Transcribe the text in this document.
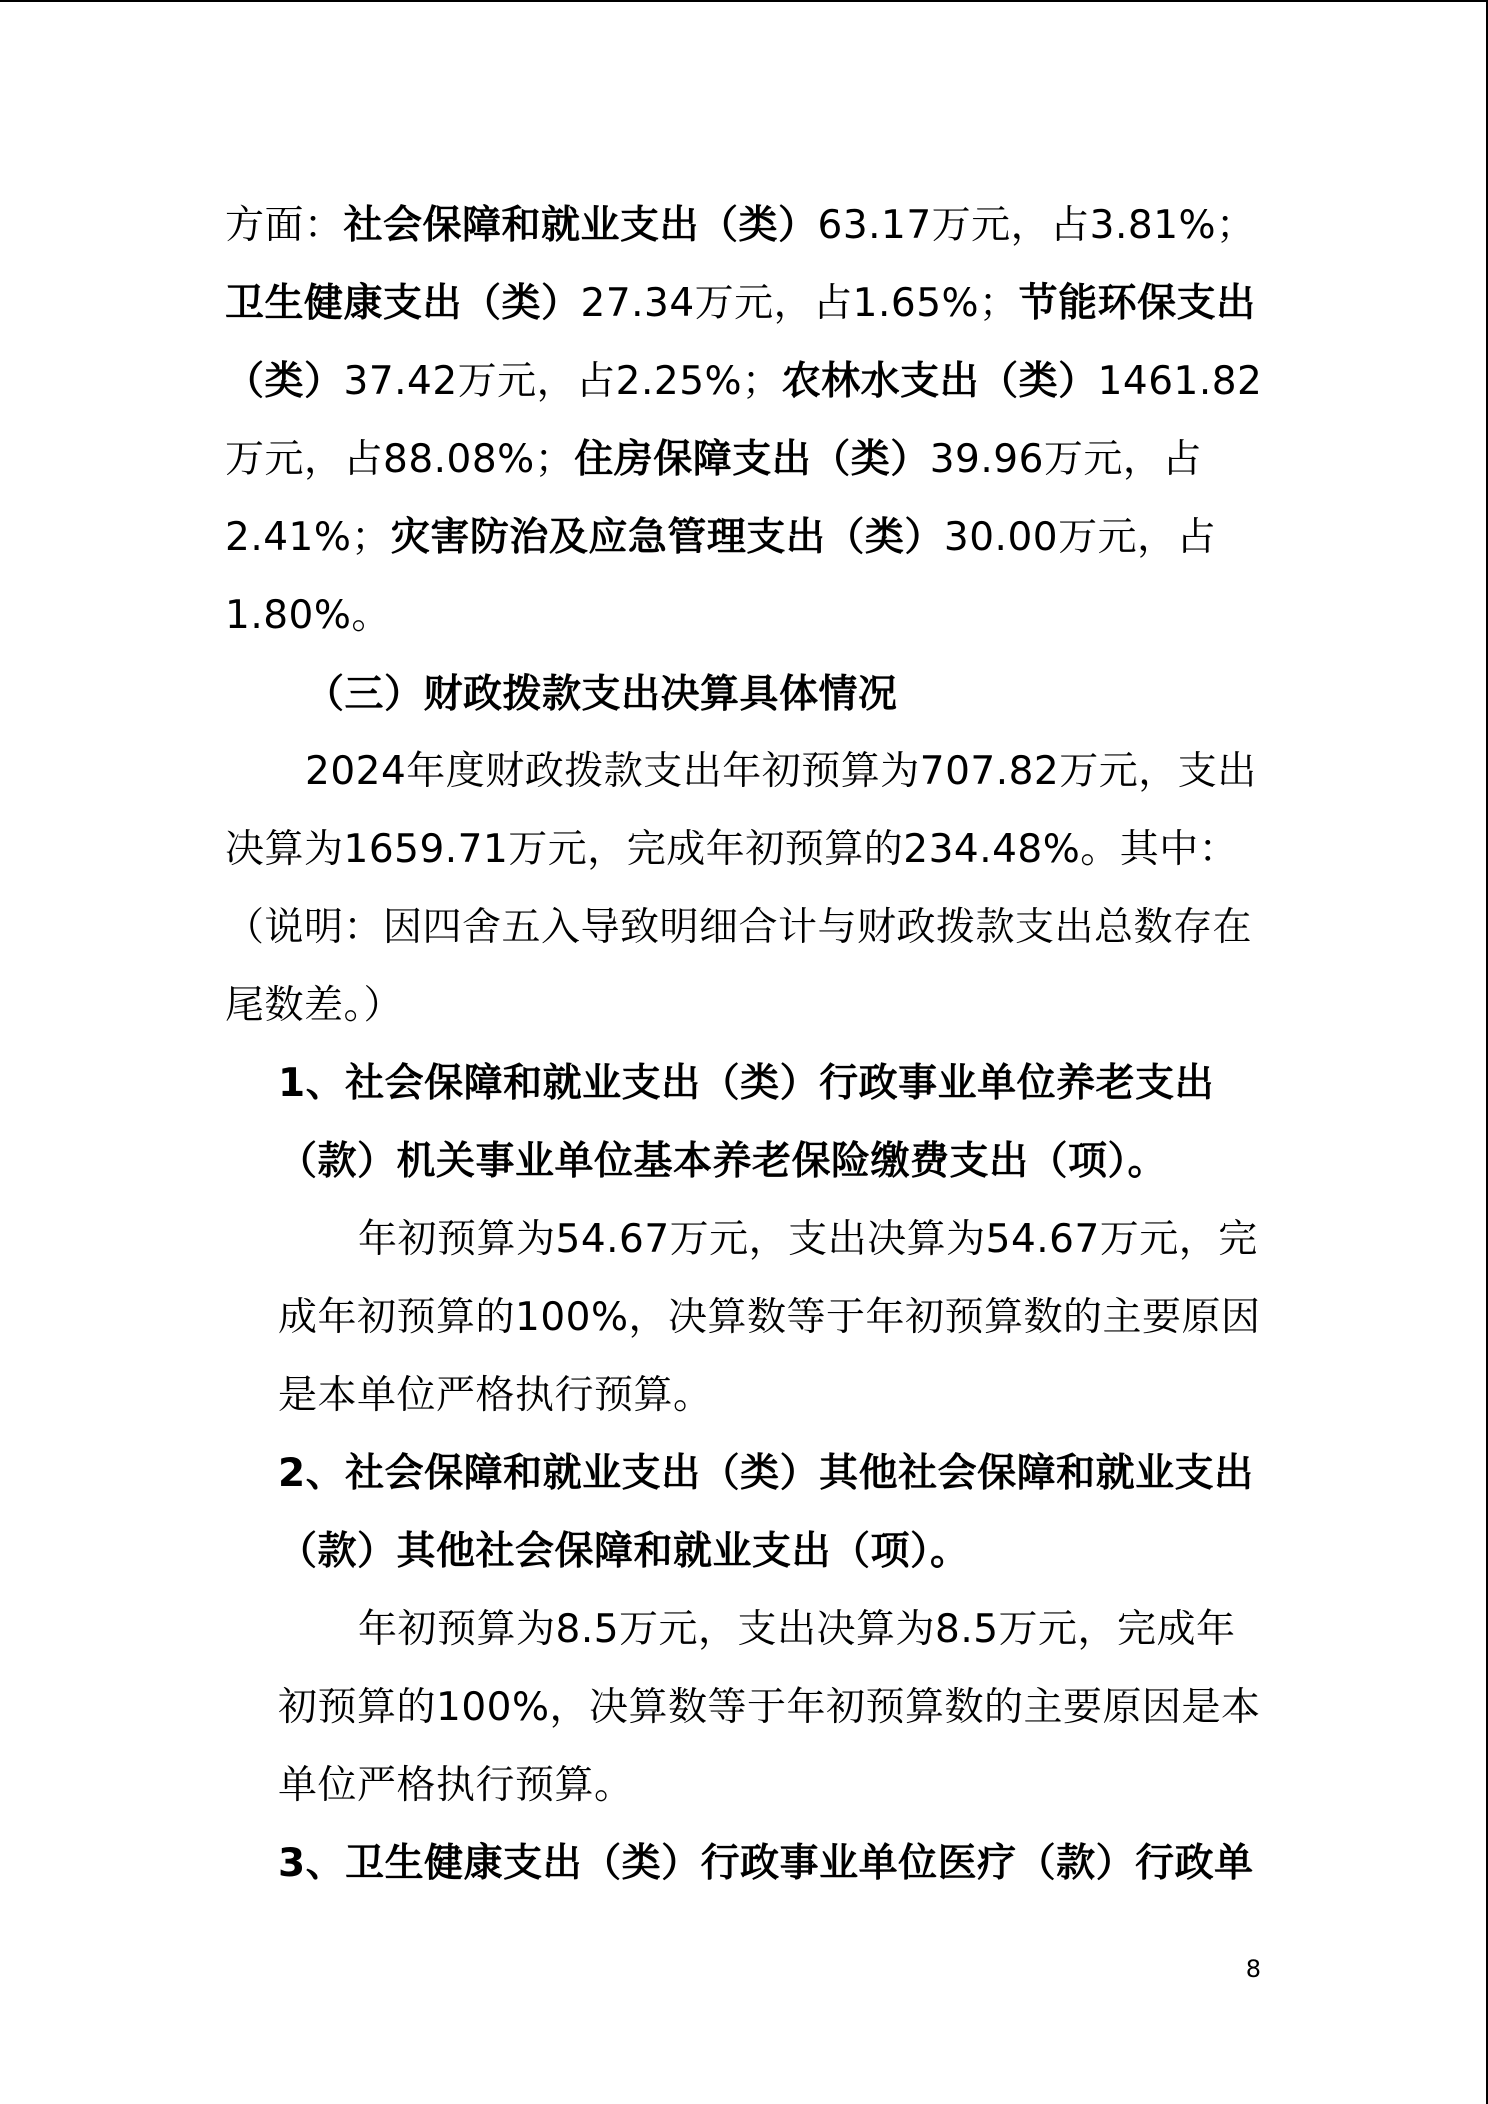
方面：社会保障和就业支出（类）63.17万元，占3.81%；卫生健康支出（类）27.34万元，占1.65%；节能环保支出（类）37.42万元，占2.25%；农林水支出（类）1461.82万元，占88.08%；住房保障支出（类）39.96万元，占2.41%；灾害防治及应急管理支出（类）30.00万元，占1.80%。

（三）财政拨款支出决算具体情况

2024年度财政拨款支出年初预算为707.82万元，支出决算为1659.71万元，完成年初预算的234.48%。其中：（说明：因四舍五入导致明细合计与财政拨款支出总数存在尾数差。）

1、社会保障和就业支出（类）行政事业单位养老支出（款）机关事业单位基本养老保险缴费支出（项）。

年初预算为54.67万元，支出决算为54.67万元，完成年初预算的100%，决算数等于年初预算数的主要原因是本单位严格执行预算。

2、社会保障和就业支出（类）其他社会保障和就业支出（款）其他社会保障和就业支出（项）。

年初预算为8.5万元，支出决算为8.5万元，完成年初预算的100%，决算数等于年初预算数的主要原因是本单位严格执行预算。

3、卫生健康支出（类）行政事业单位医疗（款）行政单

8
